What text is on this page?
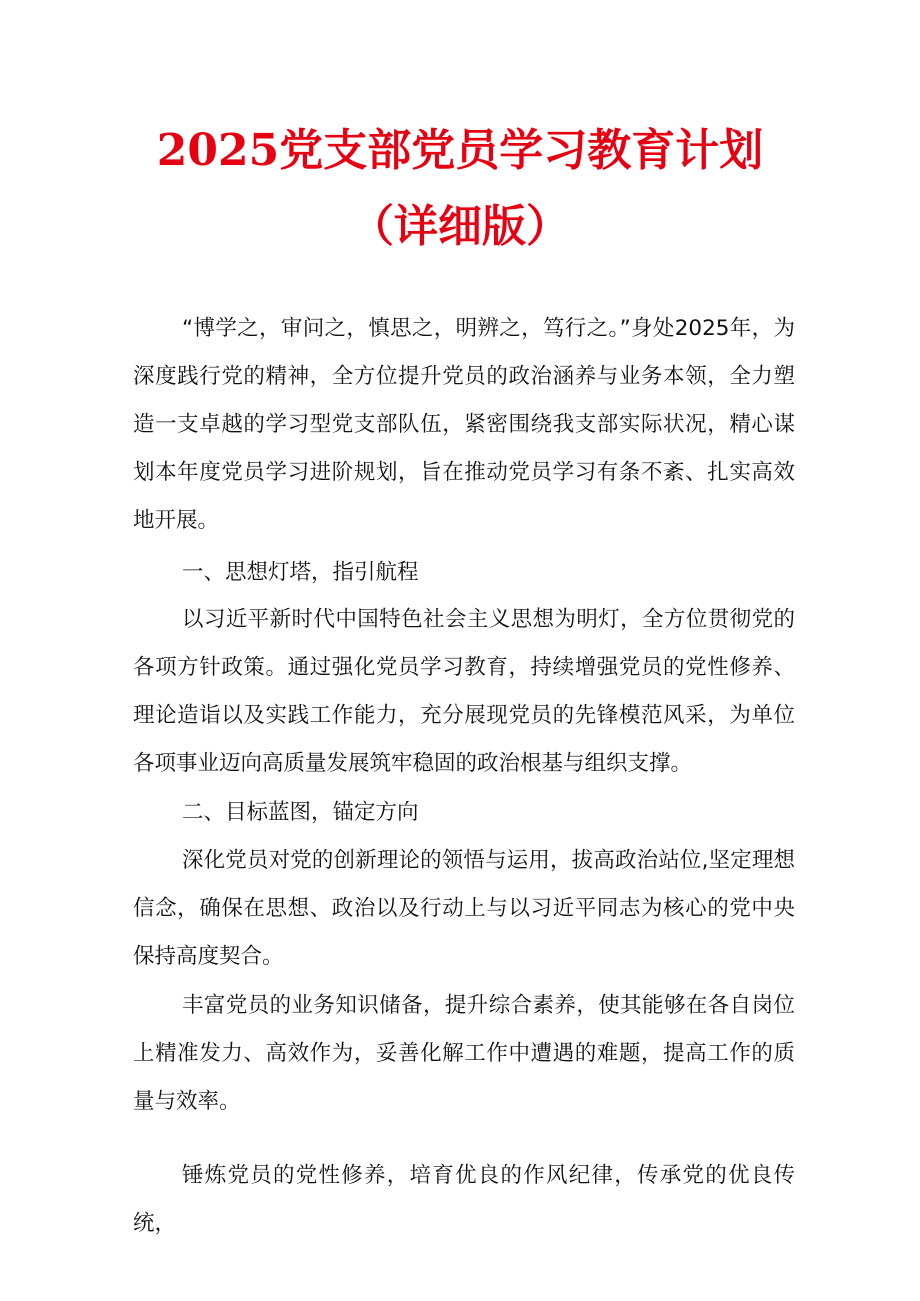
2025党支部党员学习教育计划
（详细版）

“博学之，审问之，慎思之，明辨之，笃行之。”身处2025年，为深度践行党的精神，全方位提升党员的政治涵养与业务本领，全力塑造一支卓越的学习型党支部队伍，紧密围绕我支部实际状况，精心谋划本年度党员学习进阶规划，旨在推动党员学习有条不紊、扎实高效地开展。

一、思想灯塔，指引航程

以习近平新时代中国特色社会主义思想为明灯，全方位贯彻党的各项方针政策。通过强化党员学习教育，持续增强党员的党性修养、理论造诣以及实践工作能力，充分展现党员的先锋模范风采，为单位各项事业迈向高质量发展筑牢稳固的政治根基与组织支撑。

二、目标蓝图，锚定方向

深化党员对党的创新理论的领悟与运用，拔高政治站位,坚定理想信念，确保在思想、政治以及行动上与以习近平同志为核心的党中央保持高度契合。

丰富党员的业务知识储备，提升综合素养，使其能够在各自岗位上精准发力、高效作为，妥善化解工作中遭遇的难题，提高工作的质量与效率。

锤炼党员的党性修养，培育优良的作风纪律，传承党的优良传统，
